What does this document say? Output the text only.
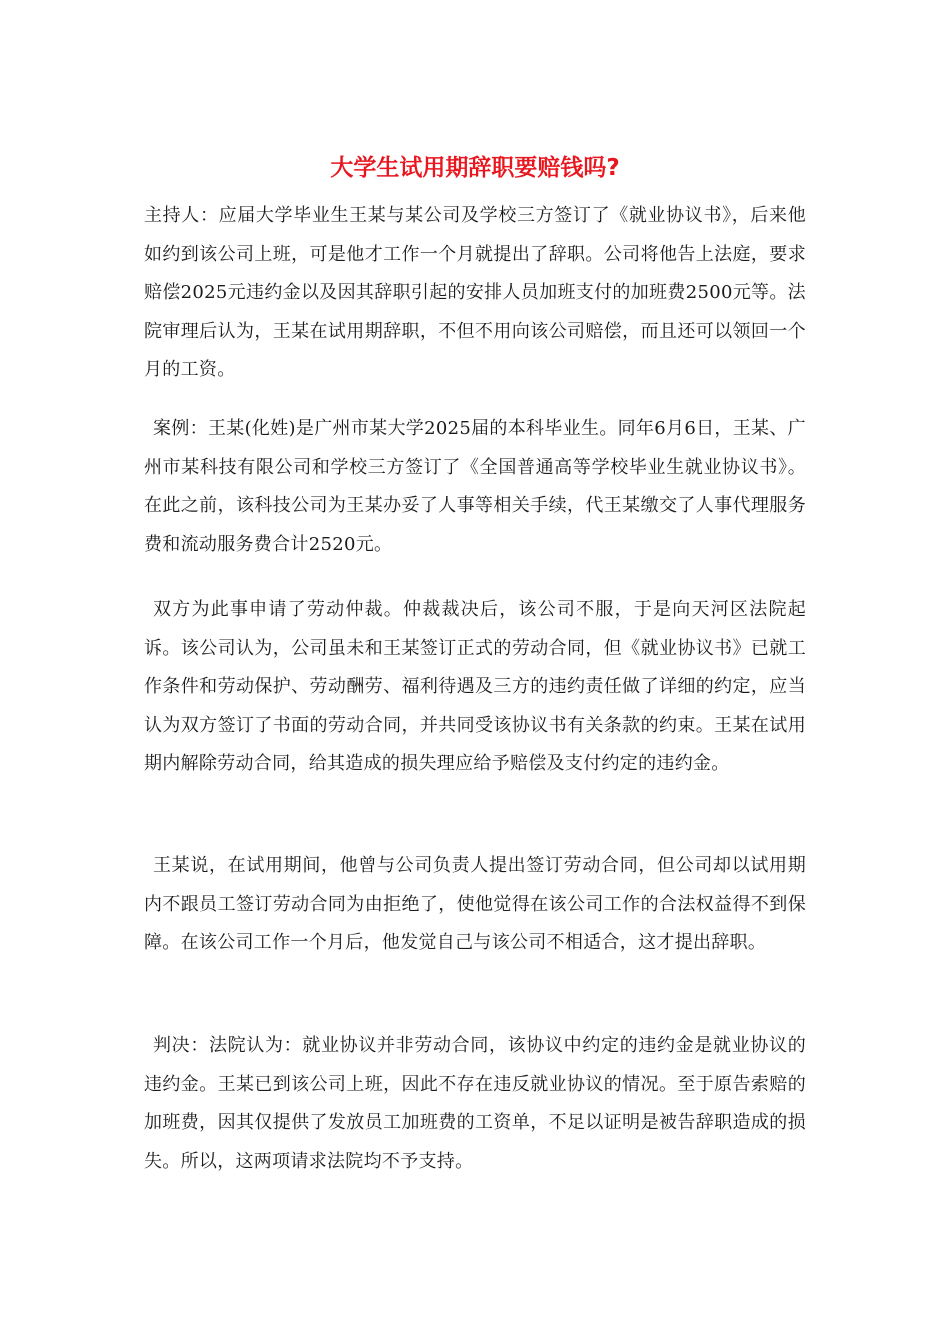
大学生试用期辞职要赔钱吗?

主持人：应届大学毕业生王某与某公司及学校三方签订了《就业协议书》，后来他如约到该公司上班，可是他才工作一个月就提出了辞职。公司将他告上法庭，要求赔偿2025元违约金以及因其辞职引起的安排人员加班支付的加班费2500元等。法院审理后认为，王某在试用期辞职，不但不用向该公司赔偿，而且还可以领回一个月的工资。

案例：王某(化姓)是广州市某大学2025届的本科毕业生。同年6月6日，王某、广州市某科技有限公司和学校三方签订了《全国普通高等学校毕业生就业协议书》。在此之前，该科技公司为王某办妥了人事等相关手续，代王某缴交了人事代理服务费和流动服务费合计2520元。

双方为此事申请了劳动仲裁。仲裁裁决后，该公司不服，于是向天河区法院起诉。该公司认为，公司虽未和王某签订正式的劳动合同，但《就业协议书》已就工作条件和劳动保护、劳动酬劳、福利待遇及三方的违约责任做了详细的约定，应当认为双方签订了书面的劳动合同，并共同受该协议书有关条款的约束。王某在试用期内解除劳动合同，给其造成的损失理应给予赔偿及支付约定的违约金。

王某说，在试用期间，他曾与公司负责人提出签订劳动合同，但公司却以试用期内不跟员工签订劳动合同为由拒绝了，使他觉得在该公司工作的合法权益得不到保障。在该公司工作一个月后，他发觉自己与该公司不相适合，这才提出辞职。

判决：法院认为：就业协议并非劳动合同，该协议中约定的违约金是就业协议的违约金。王某已到该公司上班，因此不存在违反就业协议的情况。至于原告索赔的加班费，因其仅提供了发放员工加班费的工资单，不足以证明是被告辞职造成的损失。所以，这两项请求法院均不予支持。
